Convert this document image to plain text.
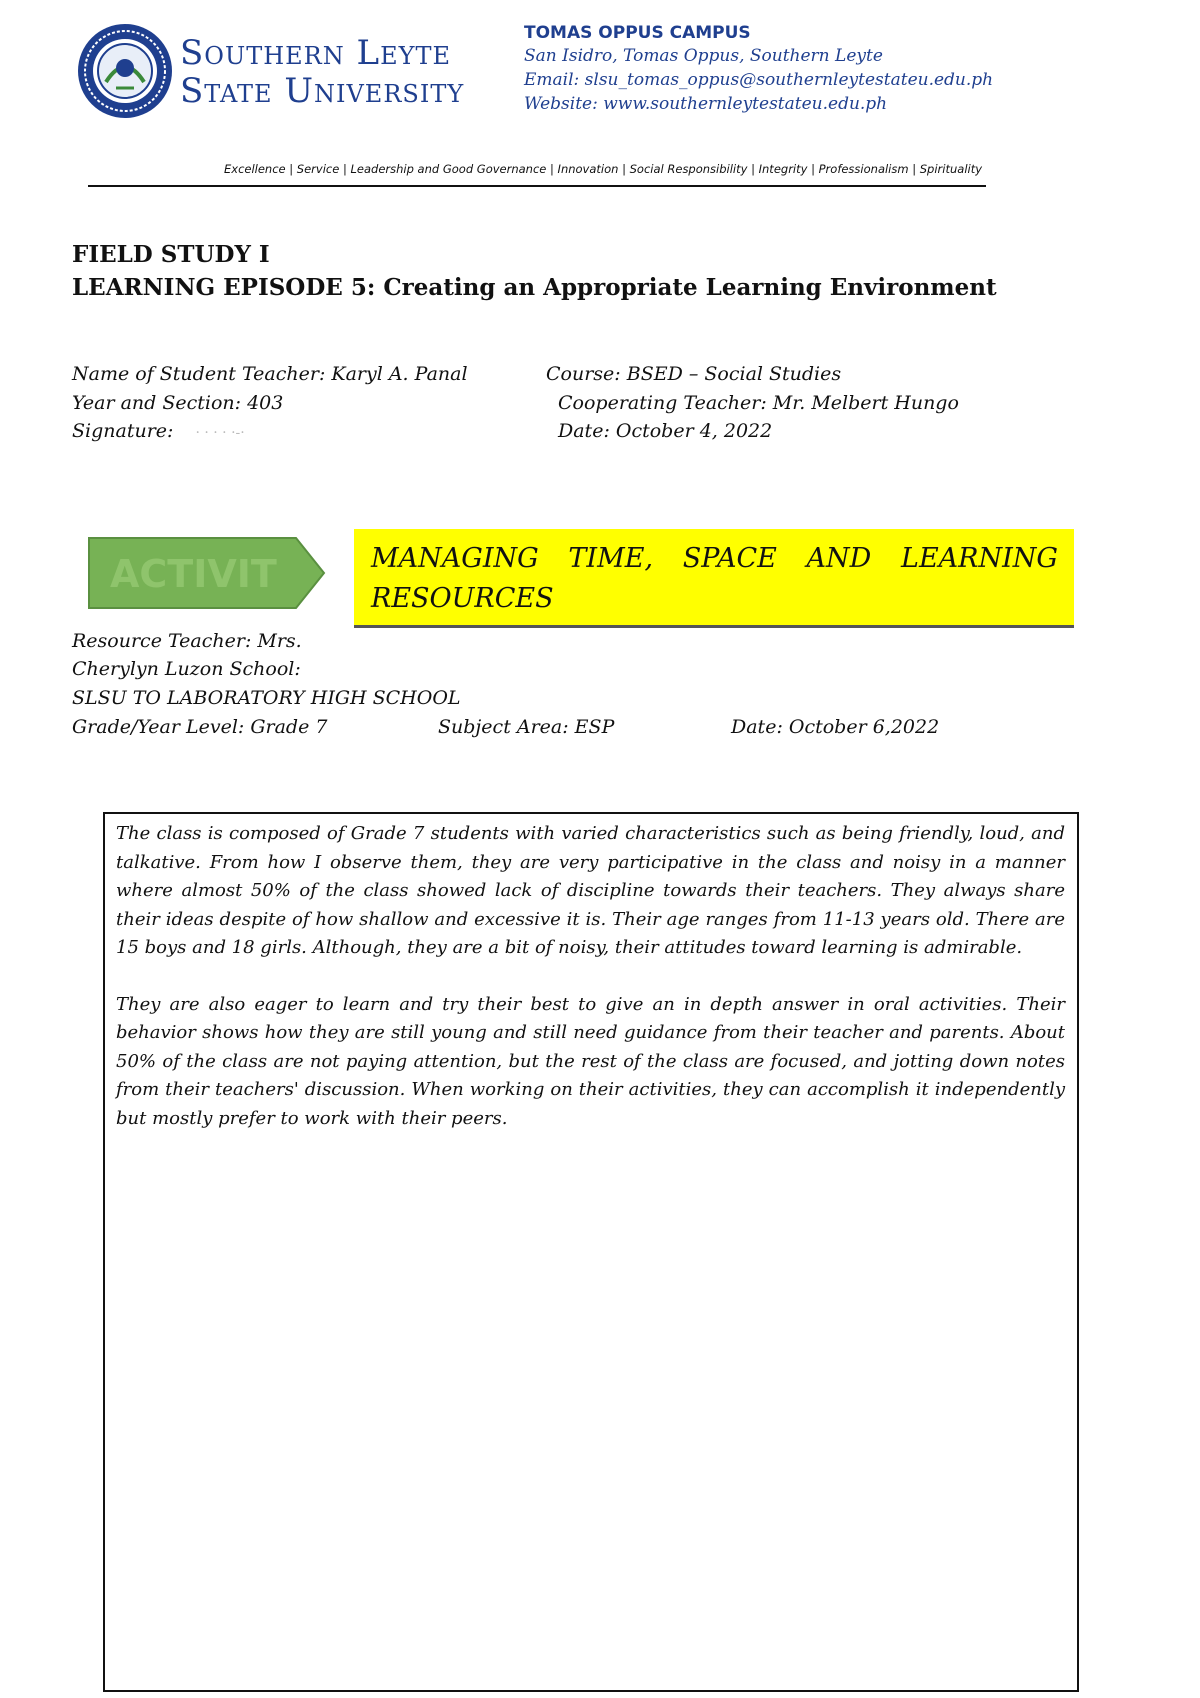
Southern Leyte
State University
TOMAS OPPUS CAMPUS
San Isidro, Tomas Oppus, Southern Leyte
Email: slsu_tomas_oppus@southernleytestateu.edu.ph
Website: www.southernleytestateu.edu.ph
Excellence | Service | Leadership and Good Governance | Innovation | Social Responsibility | Integrity | Professionalism | Spirituality
FIELD STUDY I
LEARNING EPISODE 5: Creating an Appropriate Learning Environment
Name of Student Teacher: Karyl A. Panal	Course: BSED – Social Studies
Year and Section: 403	Cooperating Teacher: Mr. Melbert Hungo
Signature: · · · · ·‑·	Date: October 4, 2022
ACTIVIT	MANAGING TIME, SPACE AND LEARNING RESOURCES
Resource Teacher: Mrs.
Cherylyn Luzon School:
SLSU TO LABORATORY HIGH SCHOOL
Grade/Year Level: Grade 7	Subject Area: ESP	Date: October 6,2022

The class is composed of Grade 7 students with varied characteristics such as being friendly, loud, and talkative. From how I observe them, they are very participative in the class and noisy in a manner where almost 50% of the class showed lack of discipline towards their teachers. They always share their ideas despite of how shallow and excessive it is. Their age ranges from 11-13 years old. There are 15 boys and 18 girls. Although, they are a bit of noisy, their attitudes toward learning is admirable.

They are also eager to learn and try their best to give an in depth answer in oral activities. Their behavior shows how they are still young and still need guidance from their teacher and parents. About 50% of the class are not paying attention, but the rest of the class are focused, and jotting down notes from their teachers' discussion. When working on their activities, they can accomplish it independently but mostly prefer to work with their peers.
